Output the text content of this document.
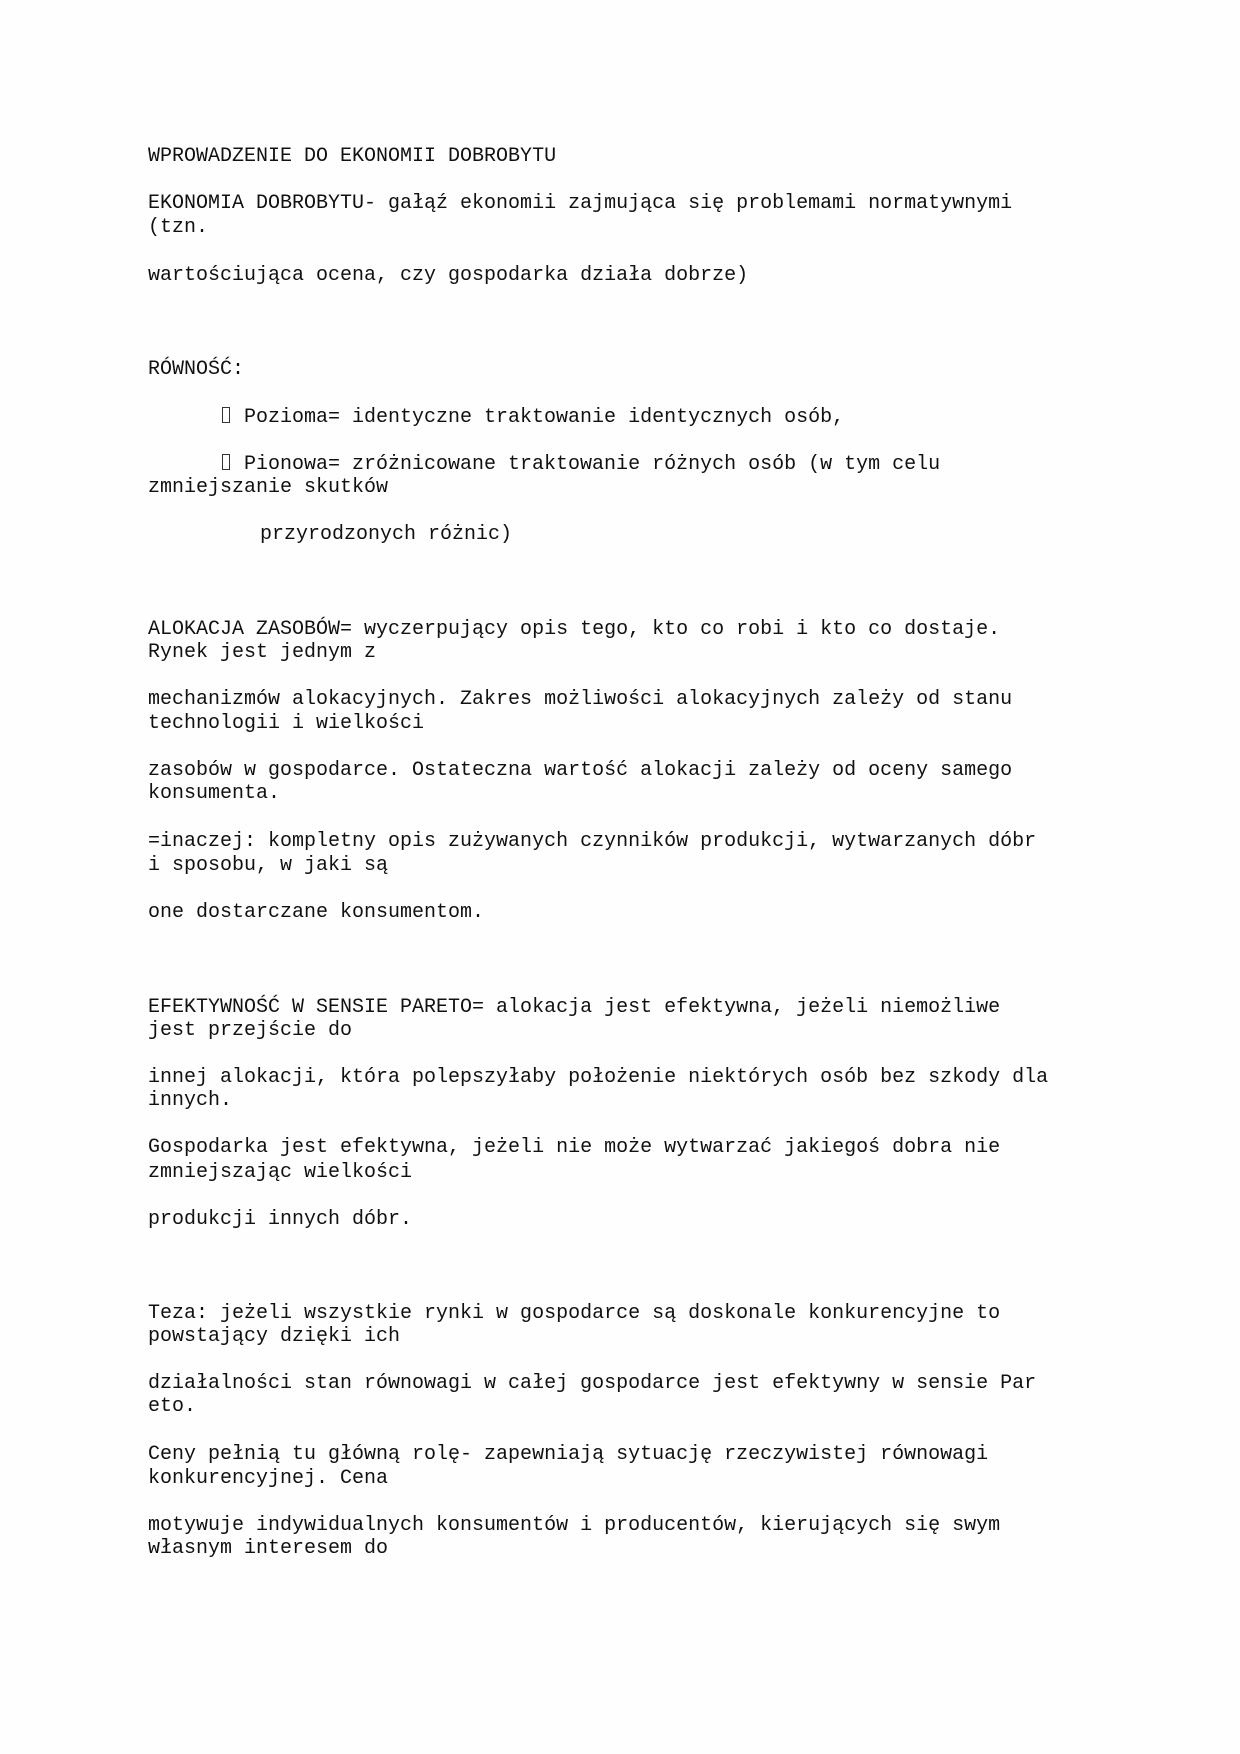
WPROWADZENIE DO EKONOMII DOBROBYTU
EKONOMIA DOBROBYTU- gałąź ekonomii zajmująca się problemami normatywnymi
(tzn.
wartościująca ocena, czy gospodarka działa dobrze)
RÓWNOŚĆ:
Pozioma= identyczne traktowanie identycznych osób,
Pionowa= zróżnicowane traktowanie różnych osób (w tym celu
zmniejszanie skutków
przyrodzonych różnic)
ALOKACJA ZASOBÓW= wyczerpujący opis tego, kto co robi i kto co dostaje.
Rynek jest jednym z
mechanizmów alokacyjnych. Zakres możliwości alokacyjnych zależy od stanu
technologii i wielkości
zasobów w gospodarce. Ostateczna wartość alokacji zależy od oceny samego
konsumenta.
=inaczej: kompletny opis zużywanych czynników produkcji, wytwarzanych dóbr
i sposobu, w jaki są
one dostarczane konsumentom.
EFEKTYWNOŚĆ W SENSIE PARETO= alokacja jest efektywna, jeżeli niemożliwe
jest przejście do
innej alokacji, która polepszyłaby położenie niektórych osób bez szkody dla
innych.
Gospodarka jest efektywna, jeżeli nie może wytwarzać jakiegoś dobra nie
zmniejszając wielkości
produkcji innych dóbr.
Teza: jeżeli wszystkie rynki w gospodarce są doskonale konkurencyjne to
powstający dzięki ich
działalności stan równowagi w całej gospodarce jest efektywny w sensie Par
eto.
Ceny pełnią tu główną rolę- zapewniają sytuację rzeczywistej równowagi
konkurencyjnej. Cena
motywuje indywidualnych konsumentów i producentów, kierujących się swym
własnym interesem do
